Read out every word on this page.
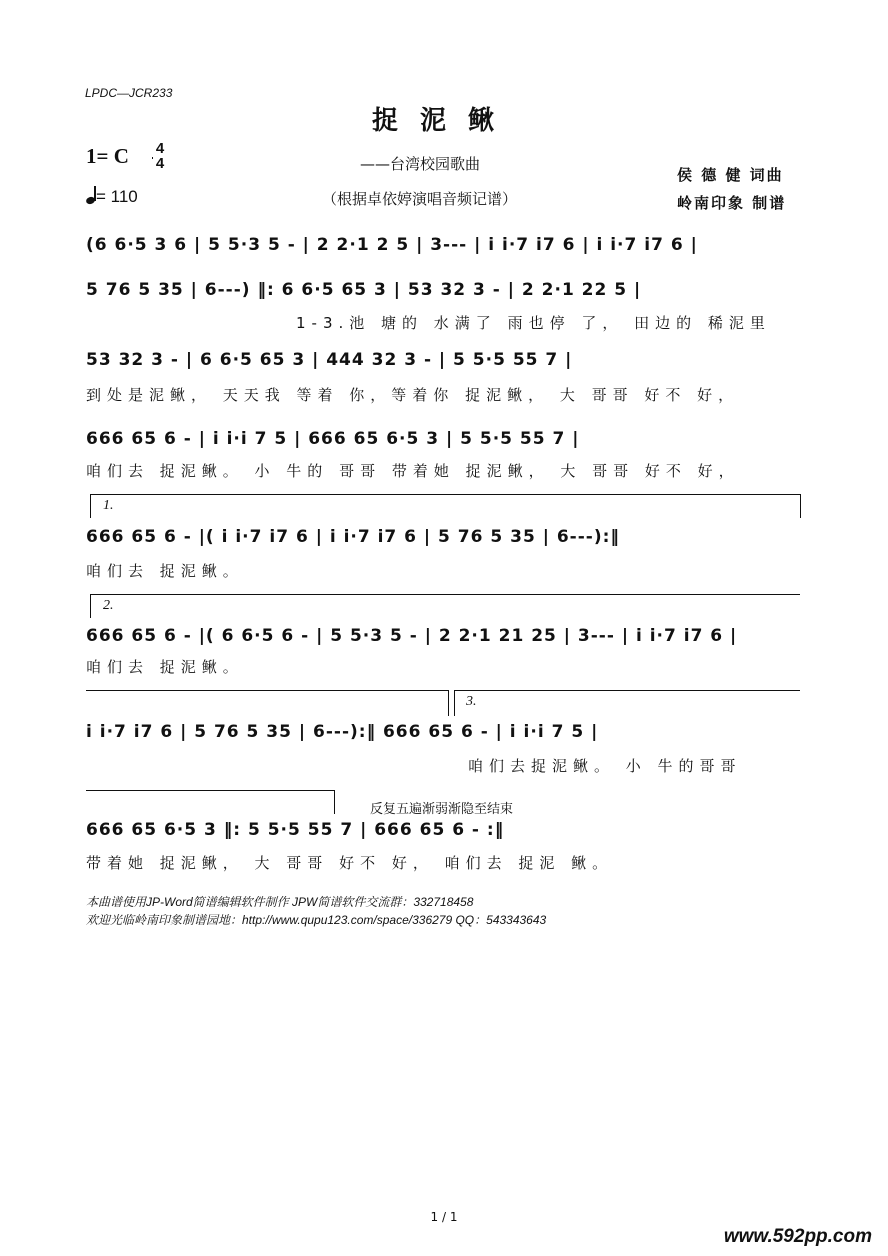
LPDC—JCR233
捉泥鳅
1= C 4
4
= 110
——台湾校园歌曲
（根据卓依婷演唱音频记谱）
侯 德 健 词曲
岭南印象 制谱
(6 6·5 3 6 | 5 5·3 5 - | 2 2·1 2 5 | 3--- | i i·7 i7 6 | i i·7 i7 6 |
5 76 5 35 | 6---) ‖: 6 6·5 65 3 | 53 32 3 - | 2 2·1 22 5 |
1-3.池 塘的 水满了 雨也停 了， 田边的 稀泥里
53 32 3 - | 6 6·5 65 3 | 444 32 3 - | 5 5·5 55 7 |
到处是泥鳅， 天天我 等着 你，等着你 捉泥鳅， 大 哥哥 好不 好，
666 65 6 - | i i·i 7 5 | 666 65 6·5 3 | 5 5·5 55 7 |
咱们去 捉泥鳅。 小 牛的 哥哥 带着她 捉泥鳅， 大 哥哥 好不 好，
1.
666 65 6 - |( i i·7 i7 6 | i i·7 i7 6 | 5 76 5 35 | 6---):‖
咱们去 捉泥鳅。
2.
666 65 6 - |( 6 6·5 6 - | 5 5·3 5 - | 2 2·1 21 25 | 3--- | i i·7 i7 6 |
咱们去 捉泥鳅。
3.
i i·7 i7 6 | 5 76 5 35 | 6---):‖ 666 65 6 - | i i·i 7 5 |
咱们去捉泥鳅。 小 牛的哥哥
反复五遍渐弱渐隐至结束
666 65 6·5 3 ‖: 5 5·5 55 7 | 666 65 6 - :‖
带着她 捉泥鳅， 大 哥哥 好不 好， 咱们去 捉泥 鳅。
本曲谱使用JP-Word简谱编辑软件制作 JPW简谱软件交流群：332718458
欢迎光临岭南印象制谱园地：http://www.qupu123.com/space/336279 QQ：543343643
1 / 1
www.592pp.com
